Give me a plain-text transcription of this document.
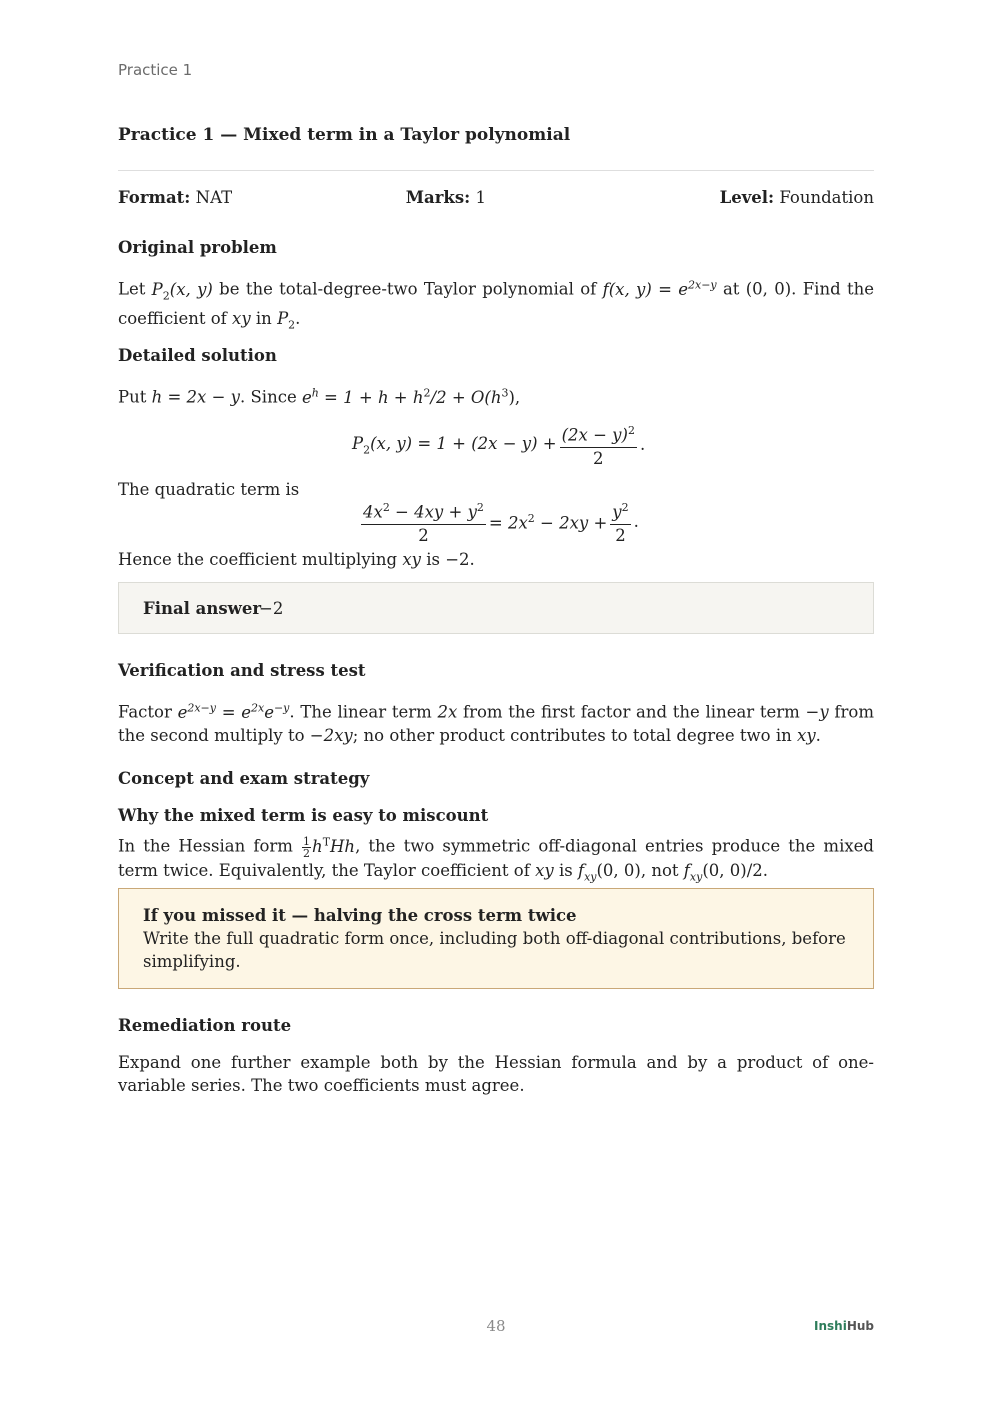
Practice 1
Practice 1 — Mixed term in a Taylor polynomial
Format: NAT	Marks: 1	Level: Foundation
Original problem

Let $P_2(x$, y) be the total-degree-two Taylor polynomial of f(x, $y) = e^{2x-y}$ at (0, 0). Find the coefficient of xy in $P_2$.

Detailed solution

Put h = 2x − y. Since $e^h = 1 + h + h^2/2 + O(h^3)$,

$P_2(x$, $y) = 1 + (2x - y) + \frac{(2x - y)^2}{2}$ .

The quadratic term is

$\frac{4x^2 - 4xy + y^2}{2} = 2x^2 - 2xy + \frac{y^2}{2}$ .

Hence the coefficient multiplying xy is −2.

Final answer
−2
Verification and stress test

Factor $e^{2x-y} = e^{2x}e^{-y}$. The linear term 2x from the first factor and the linear term −y from the second multiply to −2xy; no other product contributes to total degree two in xy.

Concept and exam strategy
Why the mixed term is easy to miscount

In the Hessian form $\frac{1}{2} h^THh$, the two symmetric off-diagonal entries produce the mixed term twice. Equivalently, the Taylor coefficient of xy is $f_{xy}(0$, 0), not $f_{xy}(0$, 0)/2.

If you missed it — halving the cross term twice
Write the full quadratic form once, including both off-diagonal contributions, before simplifying.
Remediation route

Expand one further example both by the Hessian formula and by a product of one-variable series. The two coefficients must agree.

48	InshiHub
